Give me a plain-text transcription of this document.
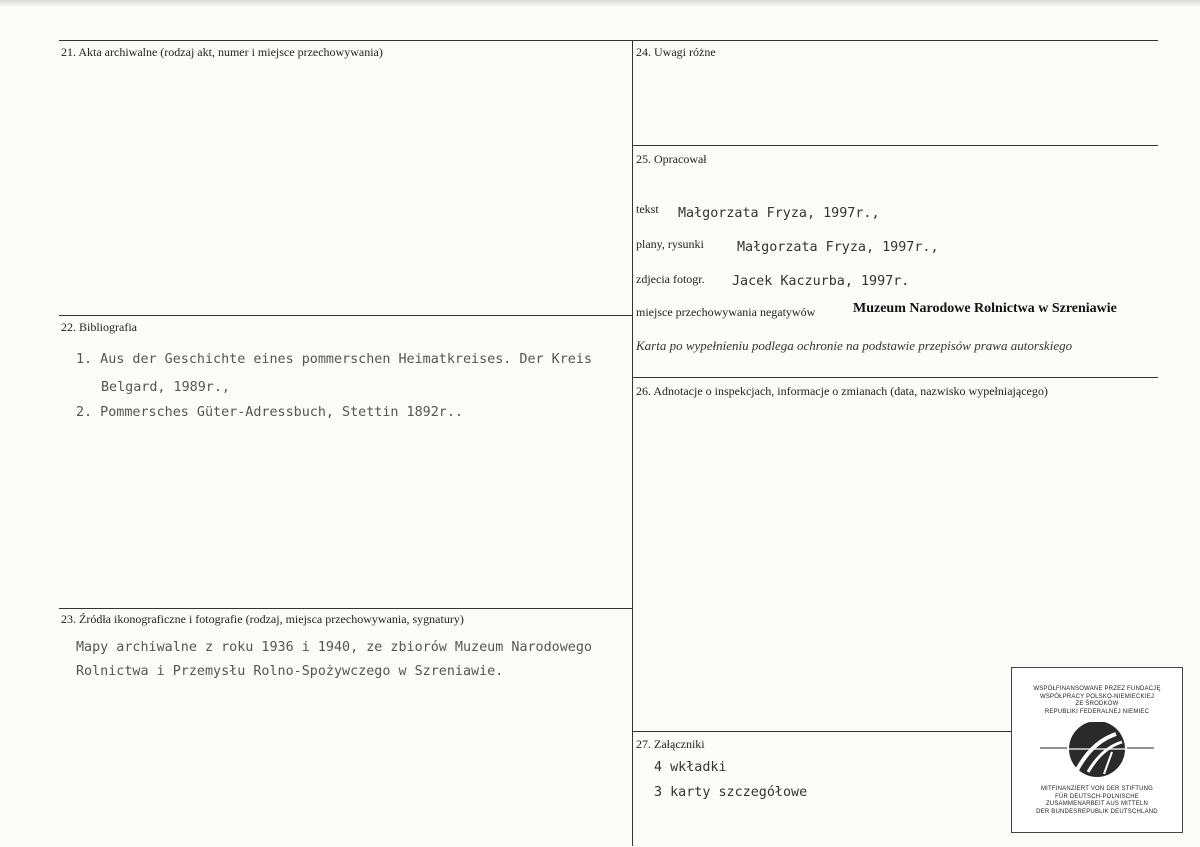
21. Akta archiwalne (rodzaj akt, numer i miejsce przechowywania)
22. Bibliografia
1. Aus der Geschichte eines pommerschen Heimatkreises. Der Kreis
Belgard, 1989r.,
2. Pommersches Güter-Adressbuch, Stettin 1892r..
23. Źródła ikonograficzne i fotografie (rodzaj, miejsca przechowywania, sygnatury)
Mapy archiwalne z roku 1936 i 1940, ze zbiorów Muzeum Narodowego
Rolnictwa i Przemysłu Rolno-Spożywczego w Szreniawie.
24. Uwagi różne
25. Opracował
tekst Małgorzata Fryza, 1997r.,
plany, rysunki Małgorzata Fryza, 1997r.,
zdjecia fotogr. Jacek Kaczurba, 1997r.
miejsce przechowywania negatywów	Muzeum Narodowe Rolnictwa w Szreniawie
Karta po wypełnieniu podlega ochronie na podstawie przepisów prawa autorskiego
26. Adnotacje o inspekcjach, informacje o zmianach (data, nazwisko wypełniającego)
27. Załączniki
4 wkładki
3 karty szczegółowe
WSPÓŁFINANSOWANE PRZEZ FUNDACJĘ
WSPÓŁPRACY POLSKO-NIEMIECKIEJ
ZE ŚRODKÓW
REPUBLIKI FEDERALNEJ NIEMIEC
MITFINANZIERT VON DER STIFTUNG
FÜR DEUTSCH-POLNISCHE
ZUSAMMENARBEIT AUS MITTELN
DER BUNDESREPUBLIK DEUTSCHLAND
